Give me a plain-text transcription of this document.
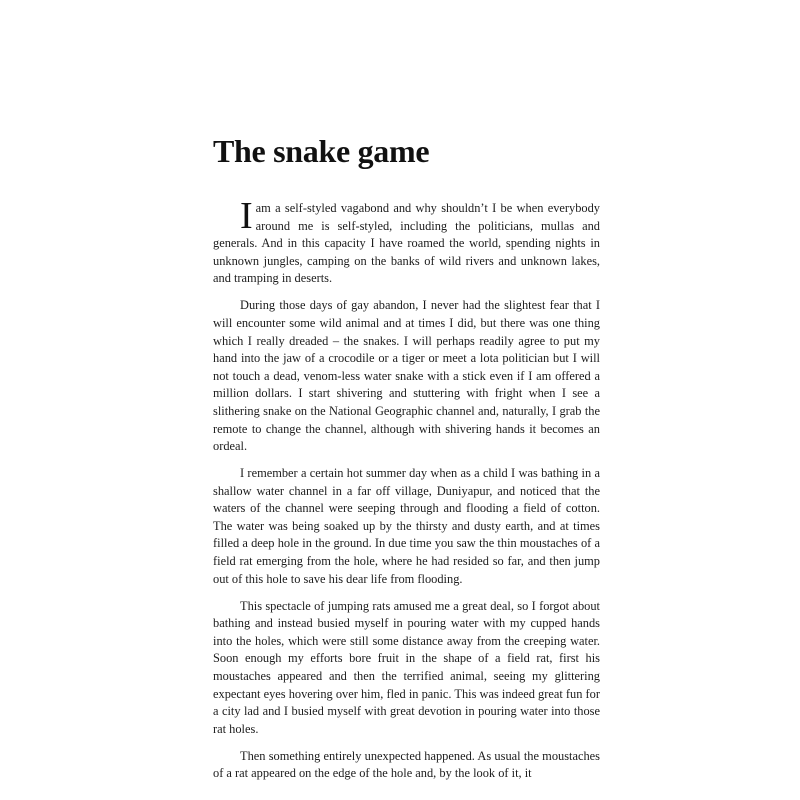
The snake game

Iam a self-styled vagabond and why shouldn’t I be when everybody around me is self-styled, including the politicians, mullas and generals. And in this capacity I have roamed the world, spending nights in unknown jungles, camping on the banks of wild rivers and unknown lakes, and tramping in deserts.

During those days of gay abandon, I never had the slightest fear that I will encounter some wild animal and at times I did, but there was one thing which I really dreaded – the snakes. I will perhaps readily agree to put my hand into the jaw of a crocodile or a tiger or meet a lota politician but I will not touch a dead, venom-less water snake with a stick even if I am offered a million dollars. I start shivering and stuttering with fright when I see a slithering snake on the National Geographic channel and, naturally, I grab the remote to change the channel, although with shivering hands it becomes an ordeal.

I remember a certain hot summer day when as a child I was bathing in a shallow water channel in a far off village, Duniyapur, and noticed that the waters of the channel were seeping through and flooding a field of cotton. The water was being soaked up by the thirsty and dusty earth, and at times filled a deep hole in the ground. In due time you saw the thin moustaches of a field rat emerging from the hole, where he had resided so far, and then jump out of this hole to save his dear life from flooding.

This spectacle of jumping rats amused me a great deal, so I forgot about bathing and instead busied myself in pouring water with my cupped hands into the holes, which were still some distance away from the creeping water. Soon enough my efforts bore fruit in the shape of a field rat, first his moustaches appeared and then the terrified animal, seeing my glittering expectant eyes hovering over him, fled in panic. This was indeed great fun for a city lad and I busied myself with great devotion in pouring water into those rat holes.

Then something entirely unexpected happened. As usual the moustaches of a rat appeared on the edge of the hole and, by the look of it, it
